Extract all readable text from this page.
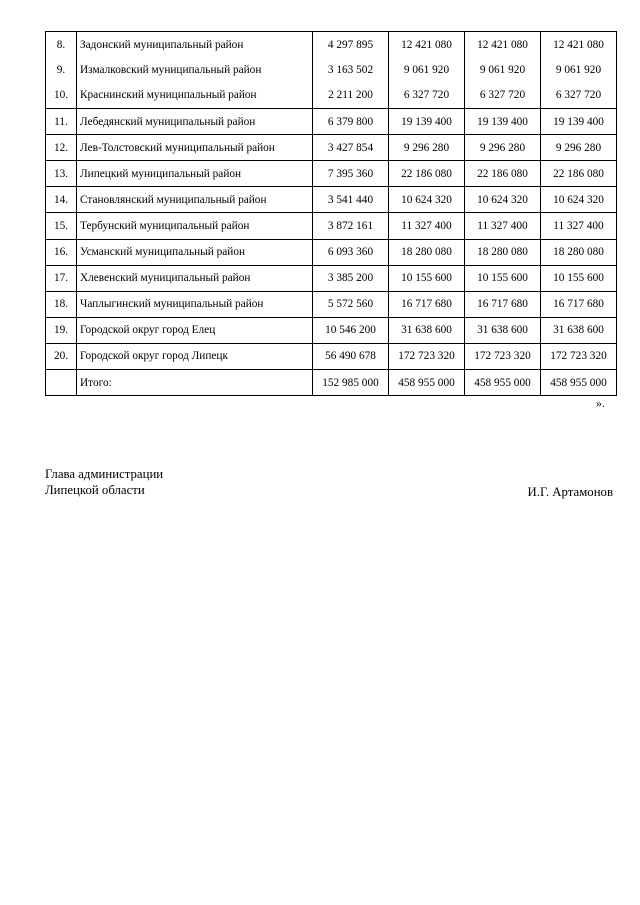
8.	Задонский муниципальный район	4 297 895	12 421 080	12 421 080	12 421 080
9.	Измалковский муниципальный район	3 163 502	9 061 920	9 061 920	9 061 920
10.	Краснинский муниципальный район	2 211 200	6 327 720	6 327 720	6 327 720
11.	Лебедянский муниципальный район	6 379 800	19 139 400	19 139 400	19 139 400
12.	Лев-Толстовский муниципальный район	3 427 854	9 296 280	9 296 280	9 296 280
13.	Липецкий муниципальный район	7 395 360	22 186 080	22 186 080	22 186 080
14.	Становлянский муниципальный район	3 541 440	10 624 320	10 624 320	10 624 320
15.	Тербунский муниципальный район	3 872 161	11 327 400	11 327 400	11 327 400
16.	Усманский муниципальный район	6 093 360	18 280 080	18 280 080	18 280 080
17.	Хлевенский муниципальный район	3 385 200	10 155 600	10 155 600	10 155 600
18.	Чаплыгинский муниципальный район	5 572 560	16 717 680	16 717 680	16 717 680
19.	Городской округ город Елец	10 546 200	31 638 600	31 638 600	31 638 600
20.	Городской округ город Липецк	56 490 678	172 723 320	172 723 320	172 723 320
	Итого:	152 985 000	458 955 000	458 955 000	458 955 000
».
Глава администрации
Липецкой области	И.Г. Артамонов
